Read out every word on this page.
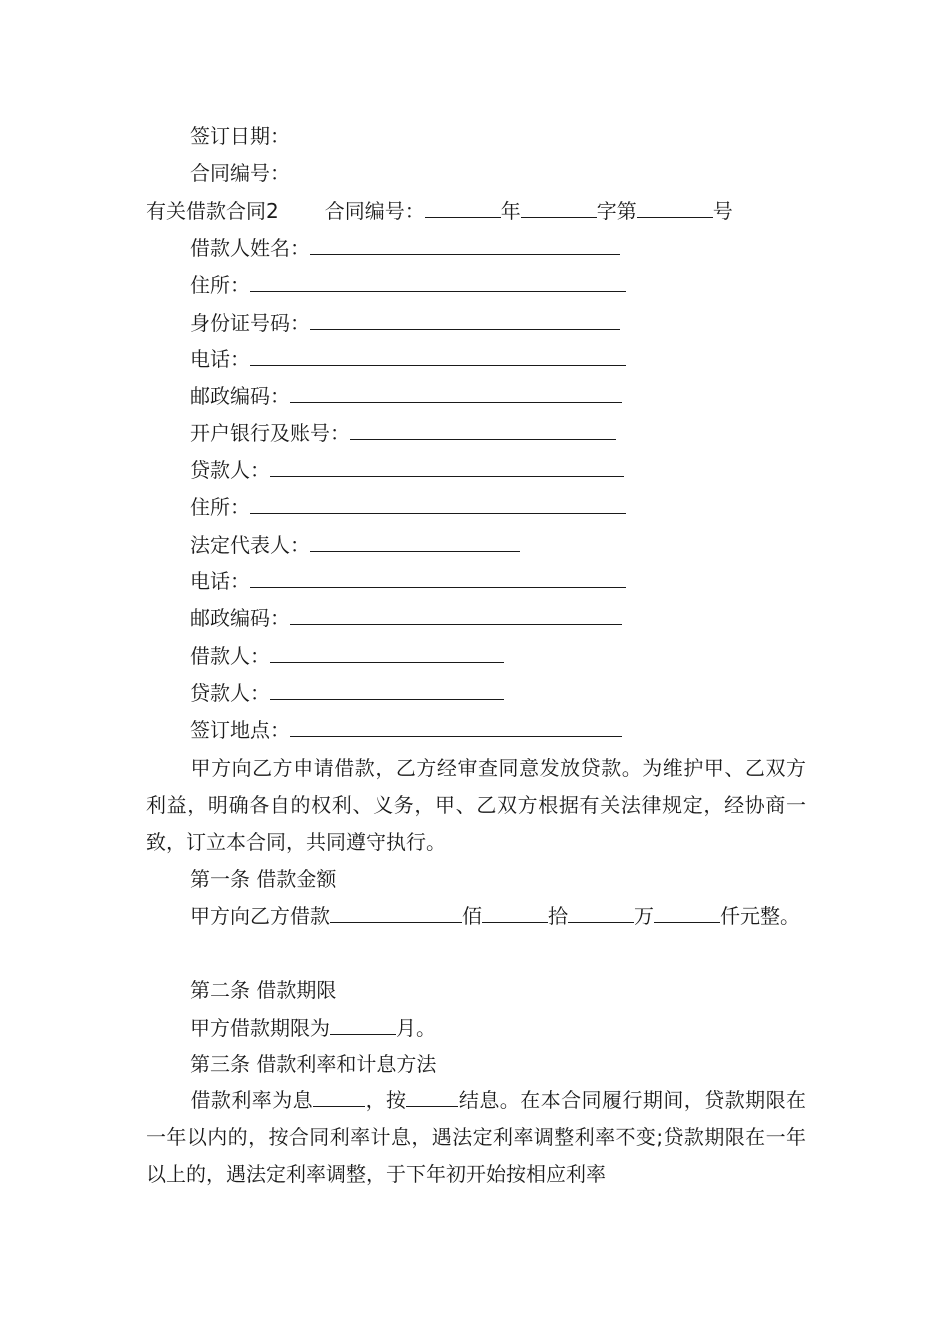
签订日期：
合同编号：
有关借款合同2 合同编号：	年	字第	号
借款人姓名：
住所：
身份证号码：
电话：
邮政编码：
开户银行及账号：
贷款人：
住所：
法定代表人：
电话：
邮政编码：
借款人：
贷款人：
签订地点：
甲方向乙方申请借款，乙方经审查同意发放贷款。为维护甲、乙双方利益，明确各自的权利、义务，甲、乙双方根据有关法律规定，经协商一致，订立本合同，共同遵守执行。
第一条 借款金额
甲方向乙方借款	佰	拾	万	仟元整。
第二条 借款期限
甲方借款期限为	月。
第三条 借款利率和计息方法
借款利率为息	，按	结息。在本合同履行期间，贷款期限在一年以内的，按合同利率计息，遇法定利率调整利率不变;贷款期限在一年以上的，遇法定利率调整，于下年初开始按相应利率
